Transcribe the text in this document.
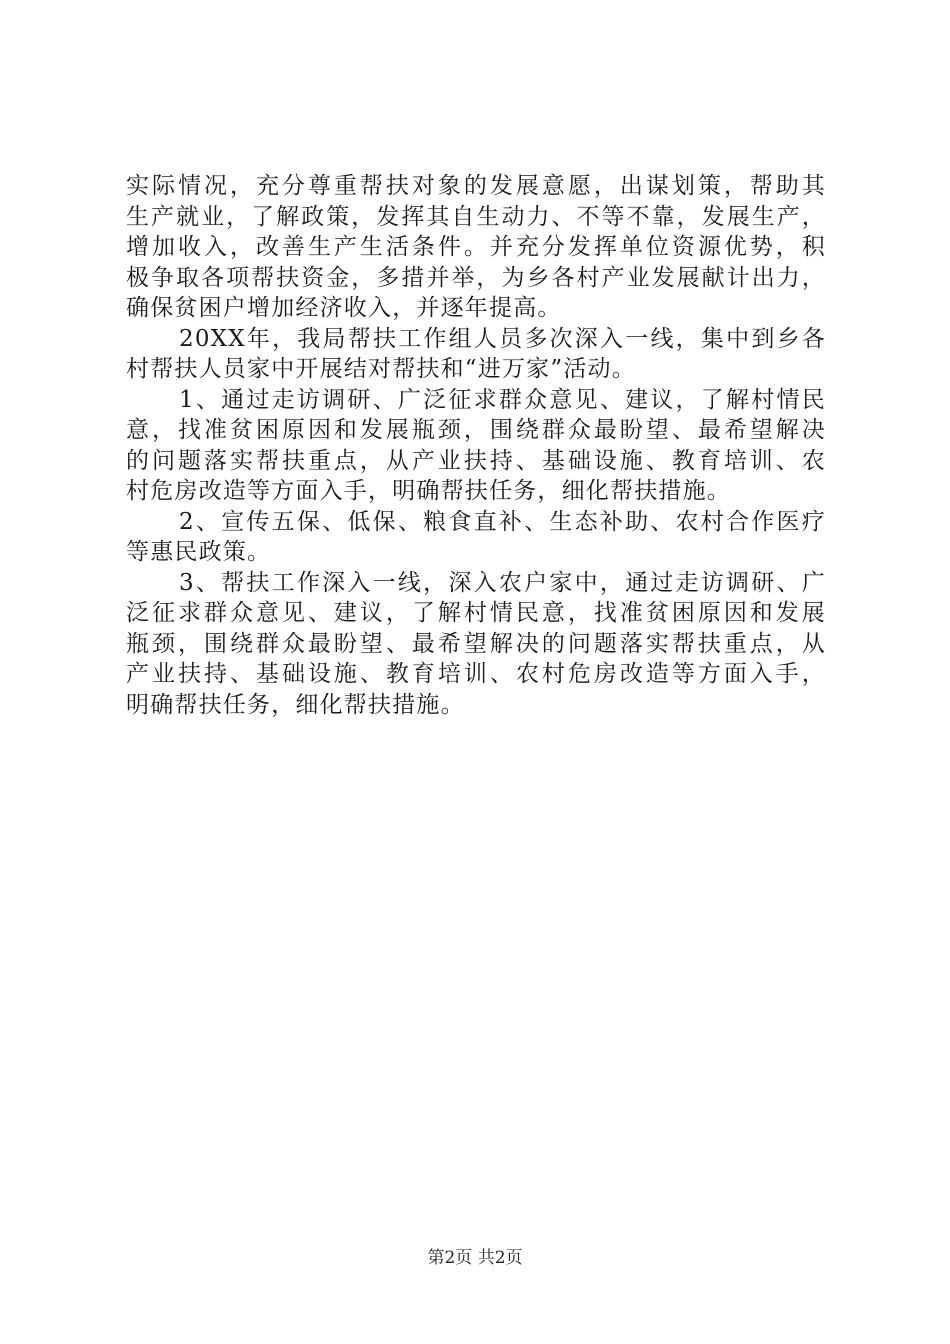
实际情况，充分尊重帮扶对象的发展意愿，出谋划策，帮助其
生产就业，了解政策，发挥其自生动力、不等不靠，发展生产，
增加收入，改善生产生活条件。并充分发挥单位资源优势，积
极争取各项帮扶资金，多措并举，为乡各村产业发展献计出力，
确保贫困户增加经济收入，并逐年提高。
20XX年，我局帮扶工作组人员多次深入一线，集中到乡各
村帮扶人员家中开展结对帮扶和“进万家”活动。
1、通过走访调研、广泛征求群众意见、建议，了解村情民
意，找准贫困原因和发展瓶颈，围绕群众最盼望、最希望解决
的问题落实帮扶重点，从产业扶持、基础设施、教育培训、农
村危房改造等方面入手，明确帮扶任务，细化帮扶措施。
2、宣传五保、低保、粮食直补、生态补助、农村合作医疗
等惠民政策。
3、帮扶工作深入一线，深入农户家中，通过走访调研、广
泛征求群众意见、建议，了解村情民意，找准贫困原因和发展
瓶颈，围绕群众最盼望、最希望解决的问题落实帮扶重点，从
产业扶持、基础设施、教育培训、农村危房改造等方面入手，
明确帮扶任务，细化帮扶措施。
第2页 共2页
